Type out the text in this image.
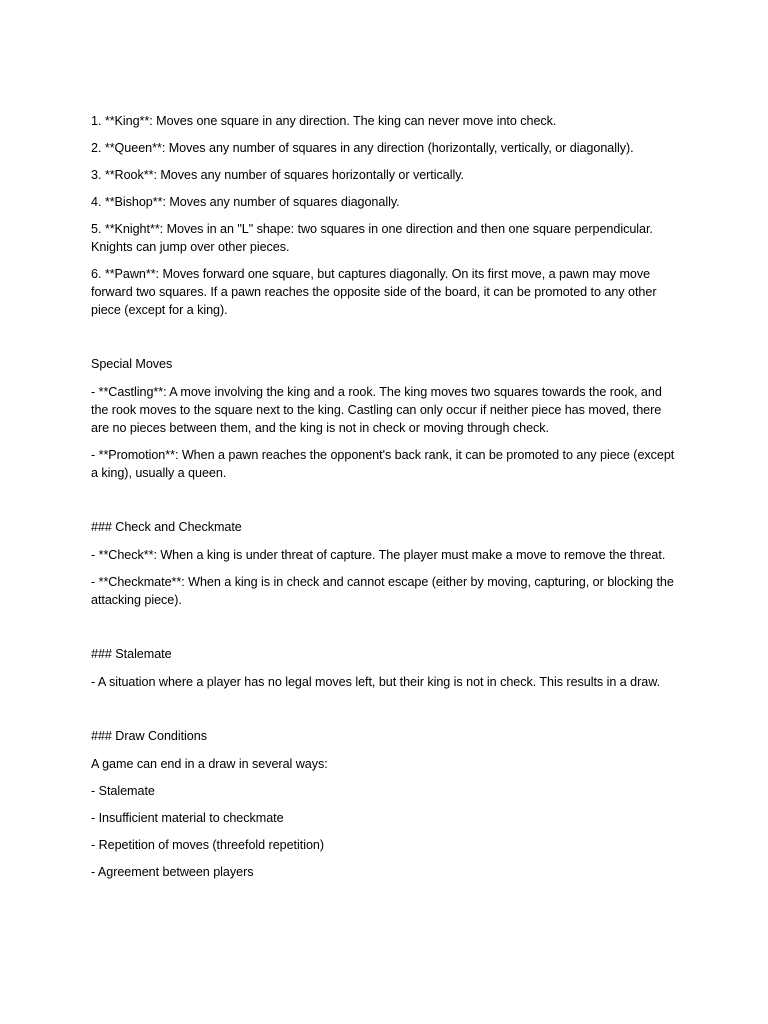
1. **King**: Moves one square in any direction. The king can never move into check.

2. **Queen**: Moves any number of squares in any direction (horizontally, vertically, or diagonally).

3. **Rook**: Moves any number of squares horizontally or vertically.

4. **Bishop**: Moves any number of squares diagonally.

5. **Knight**: Moves in an "L" shape: two squares in one direction and then one square perpendicular. Knights can jump over other pieces.

6. **Pawn**: Moves forward one square, but captures diagonally. On its first move, a pawn may move forward two squares. If a pawn reaches the opposite side of the board, it can be promoted to any other piece (except for a king).

Special Moves

- **Castling**: A move involving the king and a rook. The king moves two squares towards the rook, and the rook moves to the square next to the king. Castling can only occur if neither piece has moved, there are no pieces between them, and the king is not in check or moving through check.

- **Promotion**: When a pawn reaches the opponent's back rank, it can be promoted to any piece (except a king), usually a queen.

### Check and Checkmate

- **Check**: When a king is under threat of capture. The player must make a move to remove the threat.

- **Checkmate**: When a king is in check and cannot escape (either by moving, capturing, or blocking the attacking piece).

### Stalemate

- A situation where a player has no legal moves left, but their king is not in check. This results in a draw.

### Draw Conditions

A game can end in a draw in several ways:

- Stalemate

- Insufficient material to checkmate

- Repetition of moves (threefold repetition)

- Agreement between players
